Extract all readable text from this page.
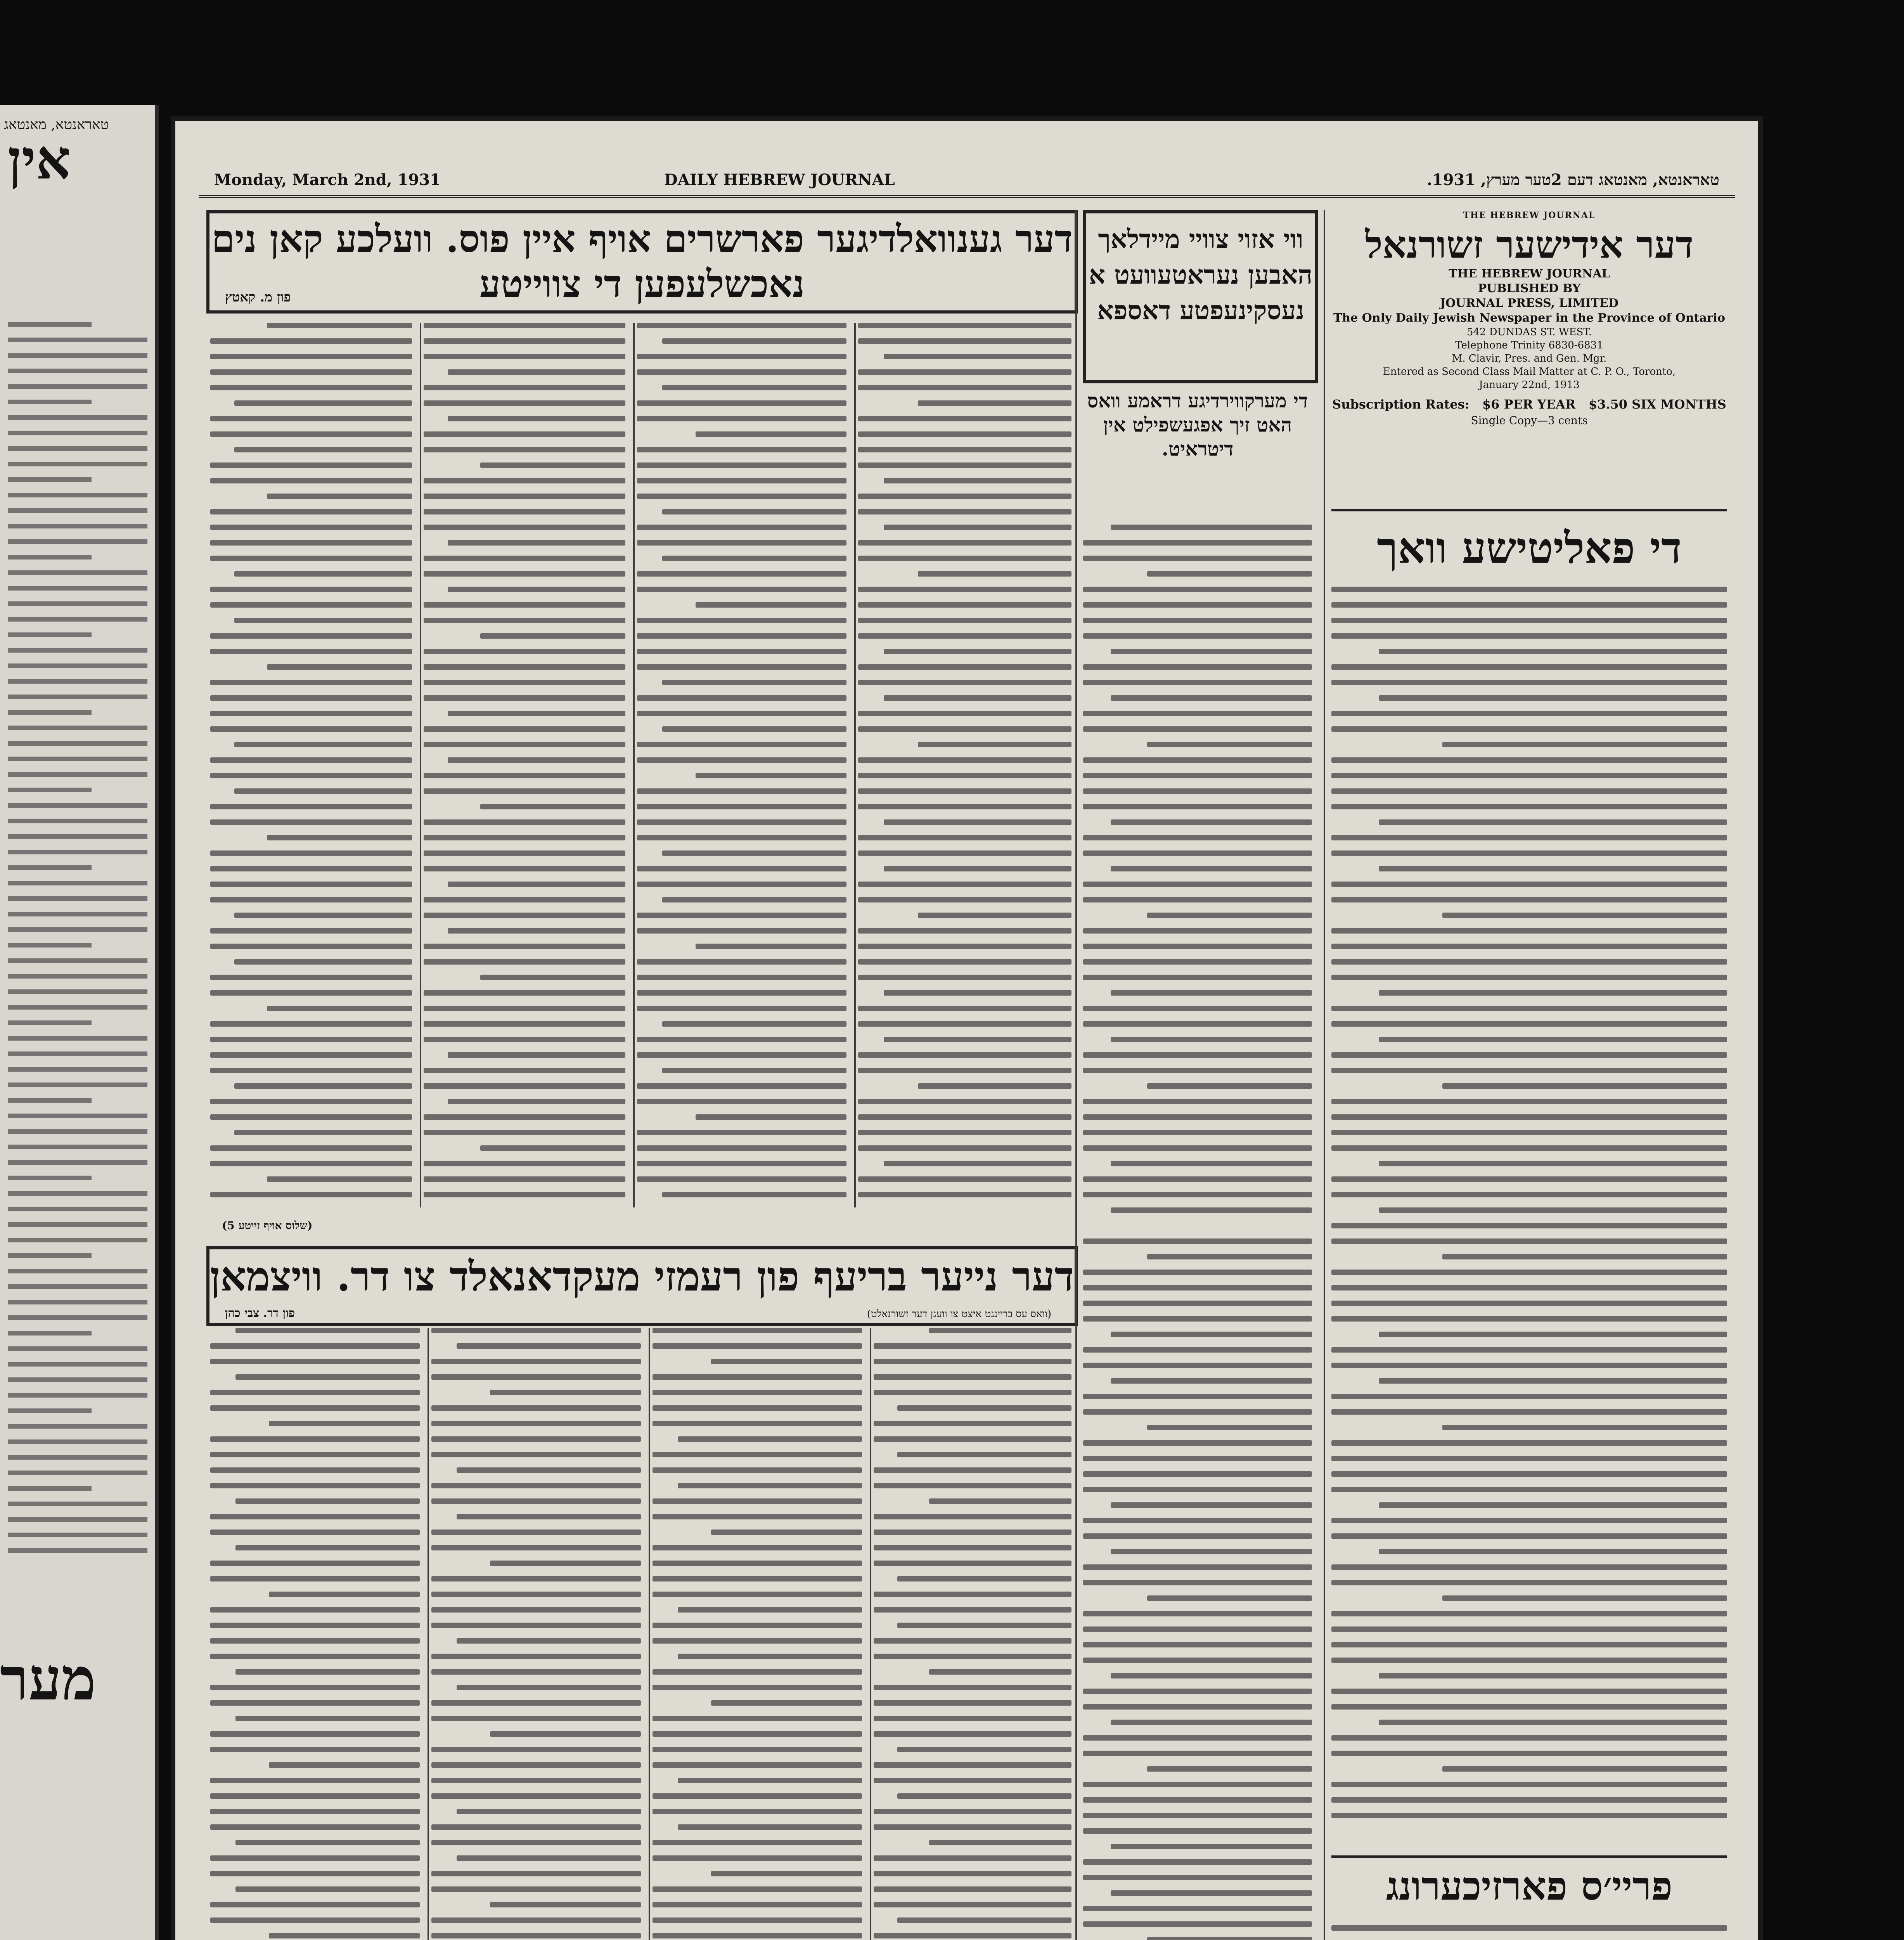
טאראנטא, מאנטאג
אין
מער
Monday, March 2nd, 1931	DAILY HEBREW JOURNAL	טאראנטא, מאנטאג דעם 2טער מערץ, 1931.
דער גענוואלדיגער פארשרים אויף איין פוס. וועלכע קאן נים נאכשלעפען די צווייטע
פון מ. קאטץ
ווי אזוי צוויי מיידלאך האבען נעראטעוועט א נעסקינעפטע דאספא
די מערקווירדיגע דראמע וואס האט זיך אפגעשפילט אין דיטראיט.
THE HEBREW JOURNAL
דער אידישער זשורנאל
THE HEBREW JOURNAL
PUBLISHED BY
JOURNAL PRESS, LIMITED
The Only Daily Jewish Newspaper in the Province of Ontario
542 DUNDAS ST. WEST.
Telephone Trinity 6830-6831
M. Clavir, Pres. and Gen. Mgr.
Entered as Second Class Mail Matter at C. P. O., Toronto,
January 22nd, 1913
Subscription Rates: $6 PER YEAR $3.50 SIX MONTHS
Single Copy—3 cents
די פאליטישע וואך
דער נייער בריעף פון רעמזי מעקדאנאלד צו דר. וויצמאן
(וואס עס בריינגט איצט צו וועגן דער זשורנאלט)
פון דר. צבי כהן
פריי׳ס פארזיכערונג
(שלוס אויף זייטע 5)
